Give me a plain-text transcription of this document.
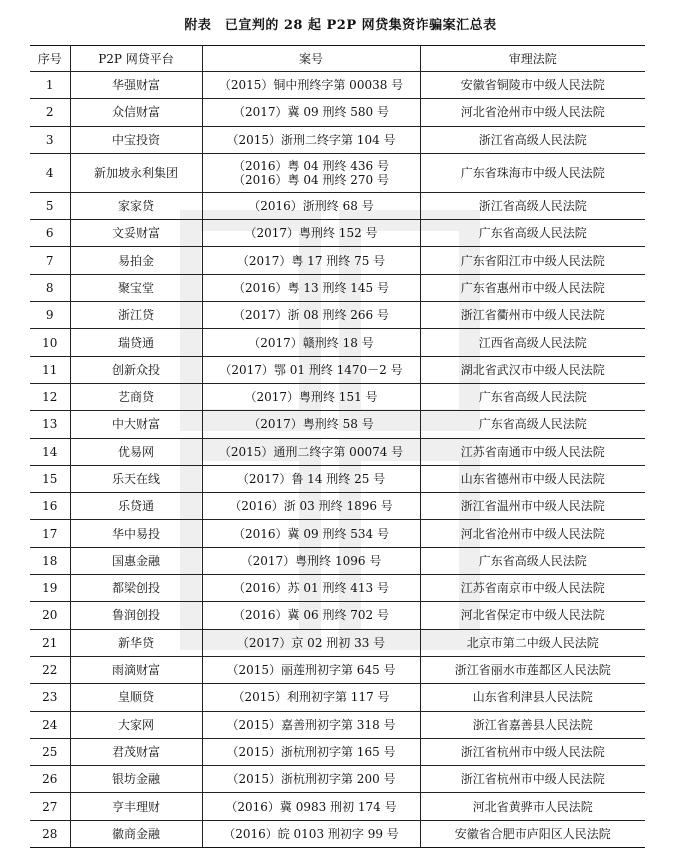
附表　已宣判的 28 起 P2P 网贷集资诈骗案汇总表
序号	P2P 网贷平台	案号	审理法院
1	华强财富	（2015）铜中刑终字第 00038 号	安徽省铜陵市中级人民法院
2	众信财富	（2017）冀 09 刑终 580 号	河北省沧州市中级人民法院
3	中宝投资	（2015）浙刑二终字第 104 号	浙江省高级人民法院
4	新加坡永利集团	（2016）粤 04 刑终 436 号
（2016）粤 04 刑终 270 号	广东省珠海市中级人民法院
5	家家贷	（2016）浙刑终 68 号	浙江省高级人民法院
6	文妥财富	（2017）粤刑终 152 号	广东省高级人民法院
7	易拍金	（2017）粤 17 刑终 75 号	广东省阳江市中级人民法院
8	聚宝堂	（2016）粤 13 刑终 145 号	广东省惠州市中级人民法院
9	浙江贷	（2017）浙 08 刑终 266 号	浙江省衢州市中级人民法院
10	瑞贷通	（2017）赣刑终 18 号	江西省高级人民法院
11	创新众投	（2017）鄂 01 刑终 1470－2 号	湖北省武汉市中级人民法院
12	艺商贷	（2017）粤刑终 151 号	广东省高级人民法院
13	中大财富	（2017）粤刑终 58 号	广东省高级人民法院
14	优易网	（2015）通刑二终字第 00074 号	江苏省南通市中级人民法院
15	乐天在线	（2017）鲁 14 刑终 25 号	山东省德州市中级人民法院
16	乐贷通	（2016）浙 03 刑终 1896 号	浙江省温州市中级人民法院
17	华中易投	（2016）冀 09 刑终 534 号	河北省沧州市中级人民法院
18	国惠金融	（2017）粤刑终 1096 号	广东省高级人民法院
19	都梁创投	（2016）苏 01 刑终 413 号	江苏省南京市中级人民法院
20	鲁润创投	（2016）冀 06 刑终 702 号	河北省保定市中级人民法院
21	新华贷	（2017）京 02 刑初 33 号	北京市第二中级人民法院
22	雨滴财富	（2015）丽莲刑初字第 645 号	浙江省丽水市莲都区人民法院
23	皇顺贷	（2015）利刑初字第 117 号	山东省利津县人民法院
24	大家网	（2015）嘉善刑初字第 318 号	浙江省嘉善县人民法院
25	君茂财富	（2015）浙杭刑初字第 165 号	浙江省杭州市中级人民法院
26	银坊金融	（2015）浙杭刑初字第 200 号	浙江省杭州市中级人民法院
27	亨丰理财	（2016）冀 0983 刑初 174 号	河北省黄骅市人民法院
28	徽商金融	（2016）皖 0103 刑初字 99 号	安徽省合肥市庐阳区人民法院
